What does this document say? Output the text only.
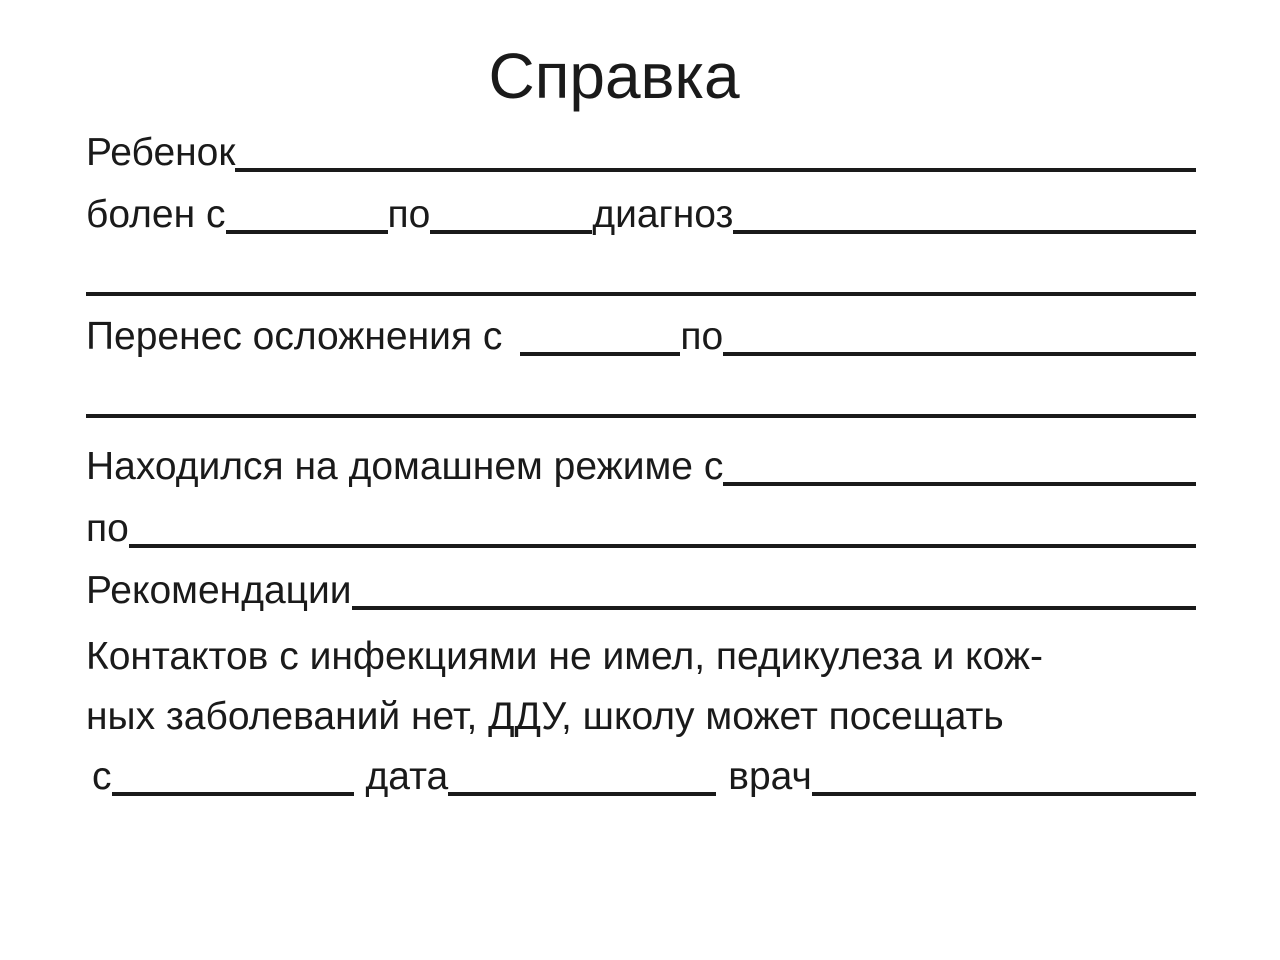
Справка
Ребенок
болен с	по	диагноз
Перенес осложнения с	по
Находился на домашнем режиме с
по
Рекомендации
Контактов с инфекциями не имел, педикулеза и кож-
ных заболеваний нет, ДДУ, школу может посещать
с	дата	врач
